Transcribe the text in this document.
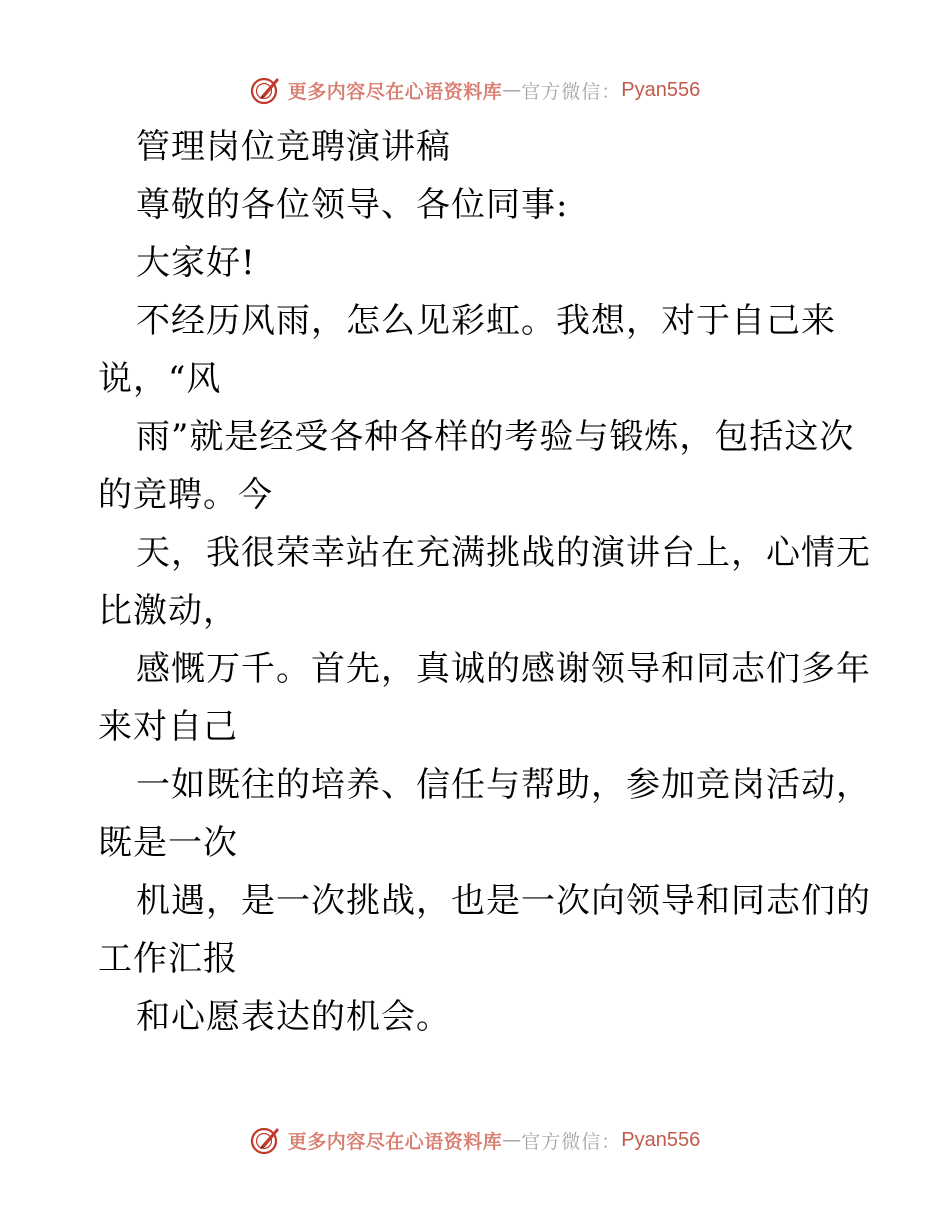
更多内容尽在心语资料库 — 官方微信： Pyan556
管理岗位竞聘演讲稿
尊敬的各位领导、各位同事:
大家好!
不经历风雨，怎么见彩虹。我想，对于自己来
说，“风
雨”就是经受各种各样的考验与锻炼，包括这次
的竞聘。今
天，我很荣幸站在充满挑战的演讲台上，心情无
比激动，
感慨万千。首先，真诚的感谢领导和同志们多年
来对自己
一如既往的培养、信任与帮助，参加竞岗活动，
既是一次
机遇，是一次挑战，也是一次向领导和同志们的
工作汇报
和心愿表达的机会。
更多内容尽在心语资料库 — 官方微信： Pyan556
